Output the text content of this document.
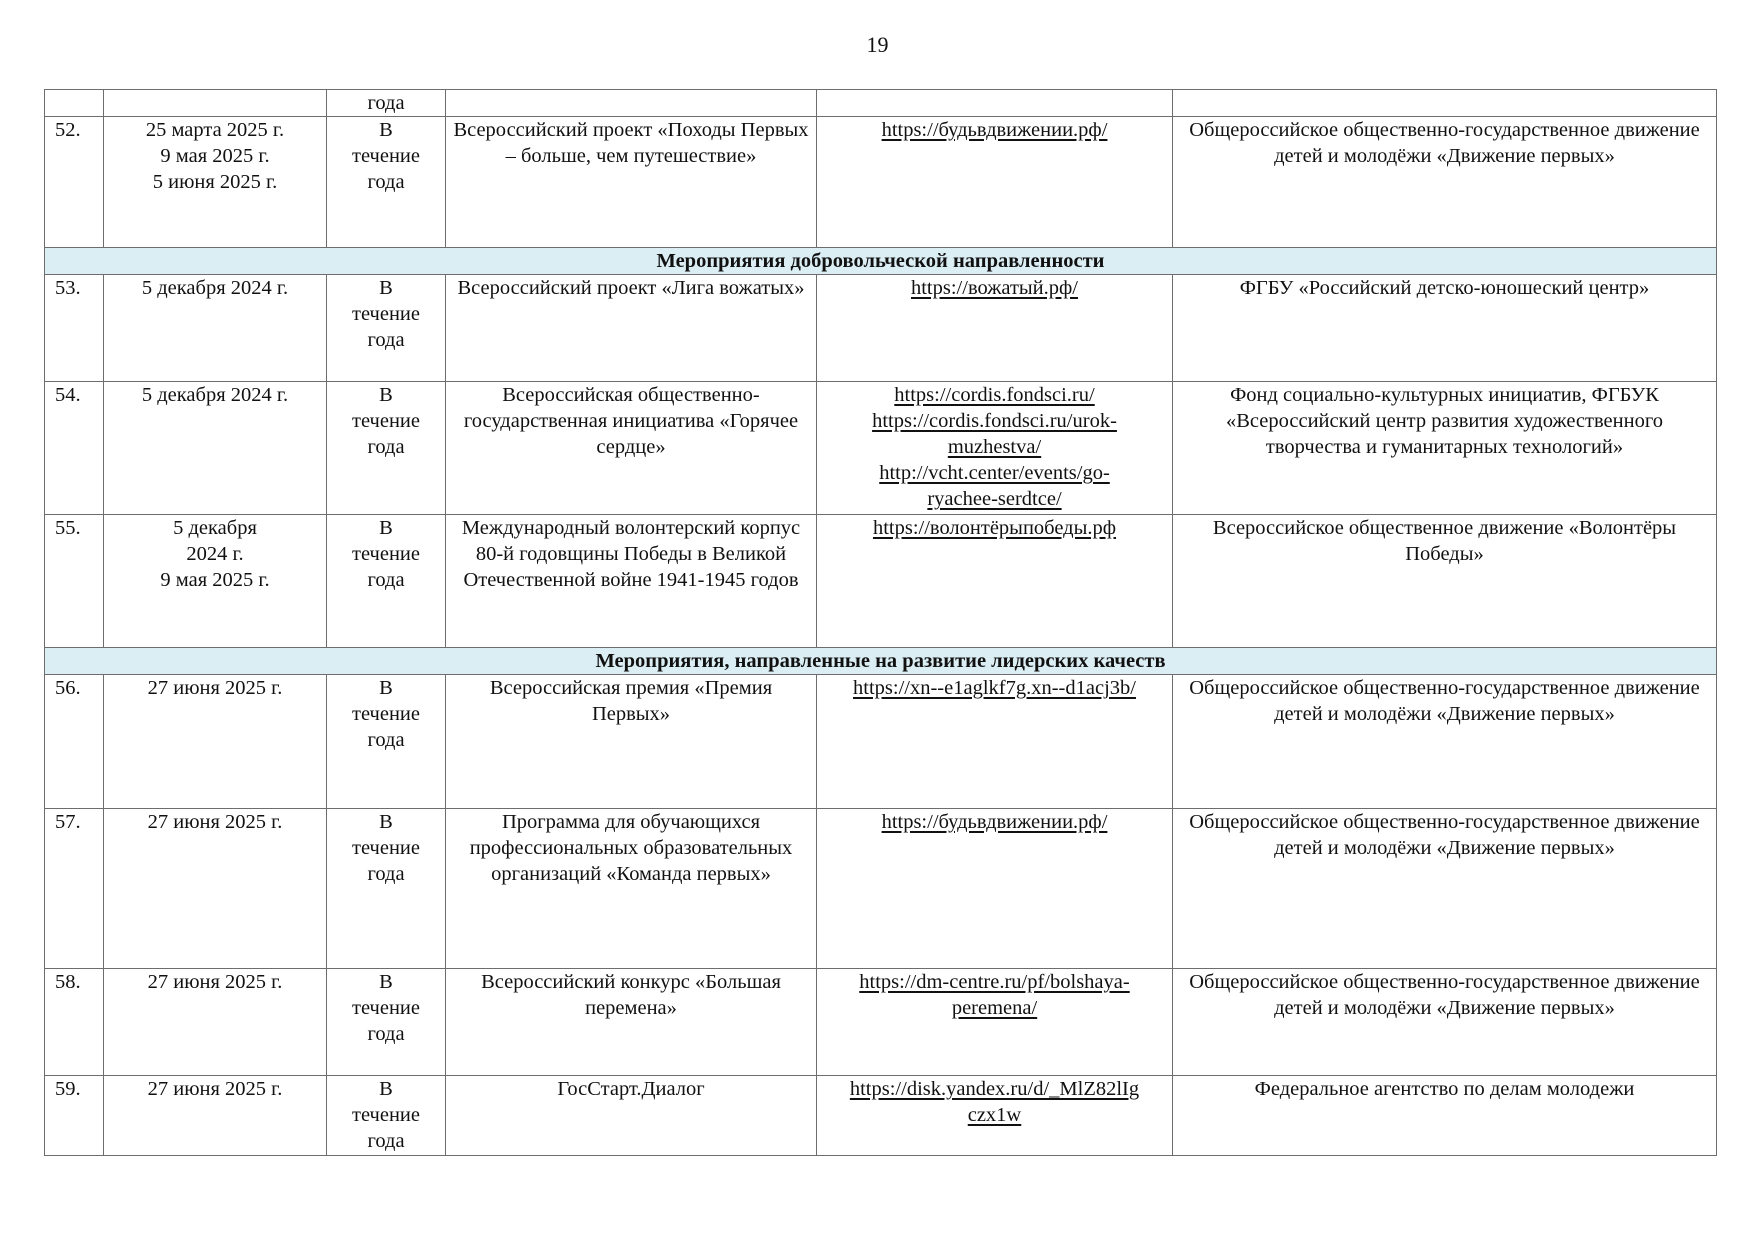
19

		года			

52.	25 марта 2025 г.
9 мая 2025 г.
5 июня 2025 г.	В
течение
года	Всероссийский проект «Походы Первых – больше, чем путешествие»	https://будьвдвижении.рф/	Общероссийское общественно-государственное движение детей и молодёжи «Движение первых»

Мероприятия добровольческой направленности					
53.	5 декабря 2024 г.	В
течение
года	Всероссийский проект «Лига вожатых»	https://вожатый.рф/	ФГБУ «Российский детско-юношеский центр»

54.	5 декабря 2024 г.	В
течение
года	Всероссийская общественно-государственная инициатива «Горячее сердце»	https://cordis.fondsci.ru/
https://cordis.fondsci.ru/urok-
muzhestva/
http://vcht.center/events/go-
ryachee-serdtce/	Фонд социально-культурных инициатив, ФГБУК «Всероссийский центр развития художественного творчества и гуманитарных технологий»

55.	5 декабря
2024 г.
9 мая 2025 г.	В
течение
года	Международный волонтерский корпус 80-й годовщины Победы в Великой Отечественной войне 1941-1945 годов	https://волонтёрыпобеды.рф	Всероссийское общественное движение «Волонтёры Победы»

Мероприятия, направленные на развитие лидерских качеств					
56.	27 июня 2025 г.	В
течение
года	Всероссийская премия «Премия Первых»	https://xn--e1aglkf7g.xn--d1acj3b/	Общероссийское общественно-государственное движение детей и молодёжи «Движение первых»

57.	27 июня 2025 г.	В
течение
года	Программа для обучающихся профессиональных образовательных организаций «Команда первых»	https://будьвдвижении.рф/	Общероссийское общественно-государственное движение детей и молодёжи «Движение первых»

58.	27 июня 2025 г.	В
течение
года	Всероссийский конкурс «Большая перемена»	https://dm-centre.ru/pf/bolshaya-
peremena/	Общероссийское общественно-государственное движение детей и молодёжи «Движение первых»

59.	27 июня 2025 г.	В
течение
года	ГосСтарт.Диалог	https://disk.yandex.ru/d/_MlZ82lIg
czx1w	Федеральное агентство по делам молодежи
